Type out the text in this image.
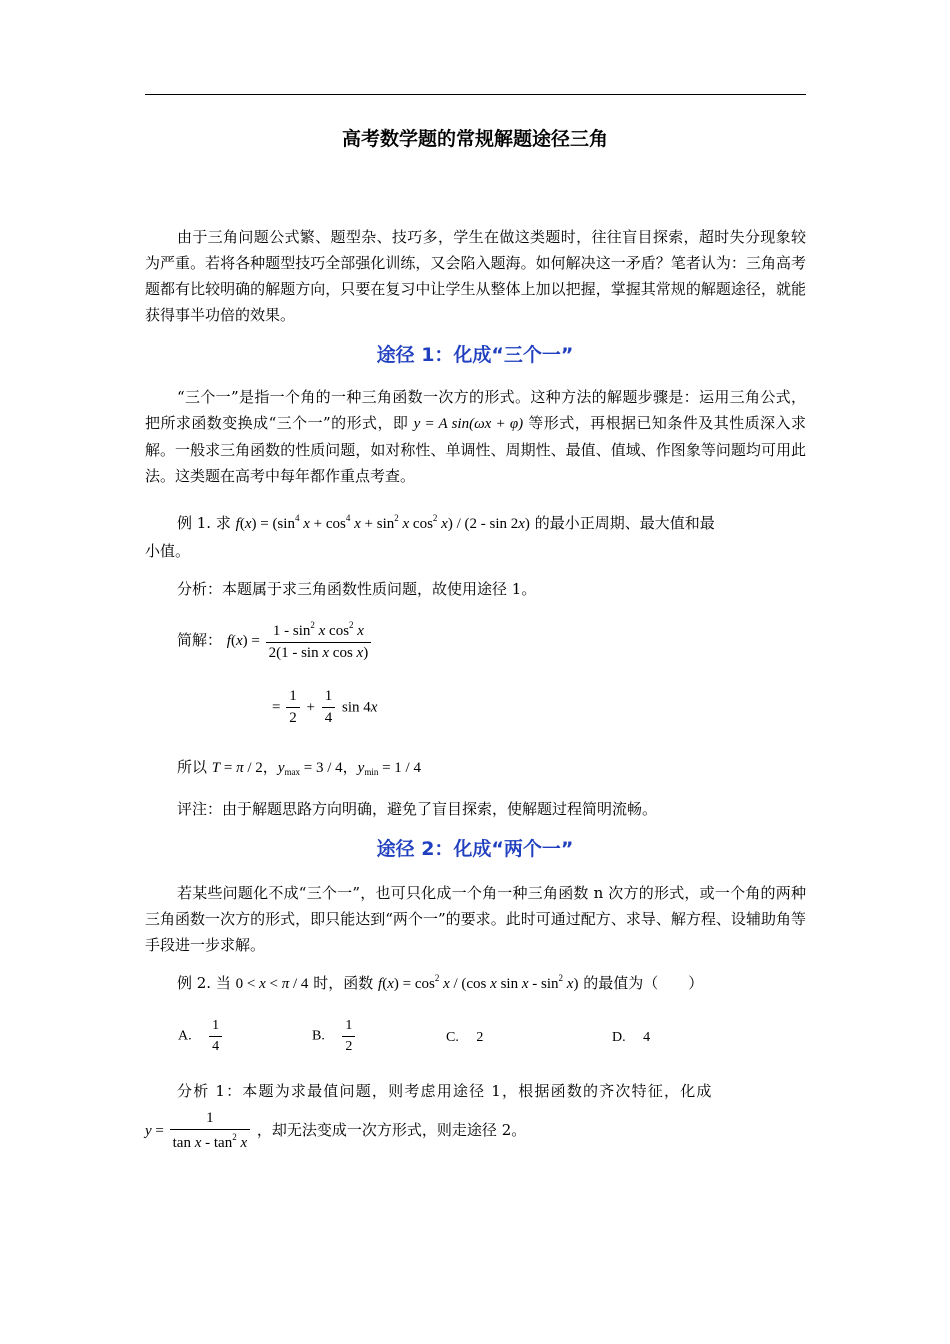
高考数学题的常规解题途径三角
由于三角问题公式繁、题型杂、技巧多，学生在做这类题时，往往盲目探索，超时失分现象较为严重。若将各种题型技巧全部强化训练，又会陷入题海。如何解决这一矛盾？笔者认为：三角高考题都有比较明确的解题方向，只要在复习中让学生从整体上加以把握，掌握其常规的解题途径，就能获得事半功倍的效果。
途径 1：化成“三个一”
“三个一”是指一个角的一种三角函数一次方的形式。这种方法的解题步骤是：运用三角公式，把所求函数变换成“三个一”的形式，即 y = A sin(ωx + φ) 等形式，再根据已知条件及其性质深入求解。一般求三角函数的性质问题，如对称性、单调性、周期性、最值、值域、作图象等问题均可用此法。这类题在高考中每年都作重点考查。
例 1. 求 $f(x) = (\sin^4$ $x + \cos^4 x + \sin^2 x$ $\cos^2 x) / (2$ - sin 2x) 的最小正周期、最大值和最
小值。
分析：本题属于求三角函数性质问题，故使用途径 1。
简解： $f(x) = \frac{1 - \sin^2 x \cos^2 x}{\text{2(1 - sin x cos x)}}$
= $\frac{1}{2} + \frac{1}{4}$ sin 4x
所以 T = π / 2，$y_{max} = 3 / 4$，$y_{min} = 1 / 4$
评注：由于解题思路方向明确，避免了盲目探索，使解题过程简明流畅。
途径 2：化成“两个一”
若某些问题化不成“三个一”，也可只化成一个角一种三角函数 n 次方的形式，或一个角的两种三角函数一次方的形式，即只能达到“两个一”的要求。此时可通过配方、求导、解方程、设辅助角等手段进一步求解。
例 2. 当 0 < x < π / 4 时，函数 $f(x) = \cos^2 x / (\cos$ x sin x - $\sin^2 x$) 的最值为（　　）
A. $\frac{1}{4}$	B. $\frac{1}{2}$	C. 2	D. 4
分析 1：本题为求最值问题，则考虑用途径 1，根据函数的齐次特征，化成
$y = \frac{1}{\tan x - \tan^2 x}$ ，却无法变成一次方形式，则走途径 2。
